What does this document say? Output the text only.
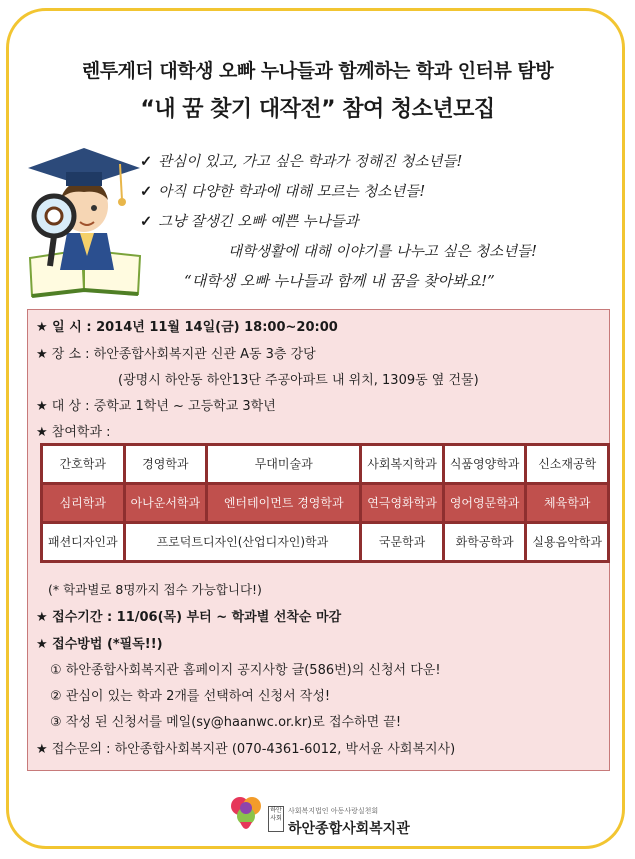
렌투게더 대학생 오빠 누나들과 함께하는 학과 인터뷰 탐방
“내 꿈 찾기 대작전” 참여 청소년모집
✓ 관심이 있고, 가고 싶은 학과가 정해진 청소년들!
✓ 아직 다양한 학과에 대해 모르는 청소년들!
✓ 그냥 잘생긴 오빠 예쁜 누나들과
대학생활에 대해 이야기를 나누고 싶은 청소년들!
“대학생 오빠 누나들과 함께 내 꿈을 찾아봐요!”
★ 일 시 : 2014년 11월 14일(금) 18:00~20:00
★ 장 소 : 하안종합사회복지관 신관 A동 3층 강당
(광명시 하안동 하안13단 주공아파트 내 위치, 1309동 옆 건물)
★ 대 상 : 중학교 1학년 ~ 고등학교 3학년
★ 참여학과 :
간호학과	경영학과	무대미술과	사회복지학과	식품영양학과	신소재공학
심리학과	아나운서학과	엔터테이먼트 경영학과	연극영화학과	영어영문학과	체육학과
패션디자인과	프로덕트디자인(산업디자인)학과		국문학과	화학공학과	실용음악학과
(* 학과별로 8명까지 접수 가능합니다!)
★ 접수기간 : 11/06(목) 부터 ~ 학과별 선착순 마감
★ 접수방법 (*필독!!)
① 하안종합사회복지관 홈페이지 공지사항 글(586번)의 신청서 다운!
② 관심이 있는 학과 2개를 선택하여 신청서 작성!
③ 작성 된 신청서를 메일(sy@haanwc.or.kr)로 접수하면 끝!
★ 접수문의 : 하안종합사회복지관 (070-4361-6012, 박서윤 사회복지사)
하안 사회
사회복지법인 아동사랑실천회
하안종합사회복지관
